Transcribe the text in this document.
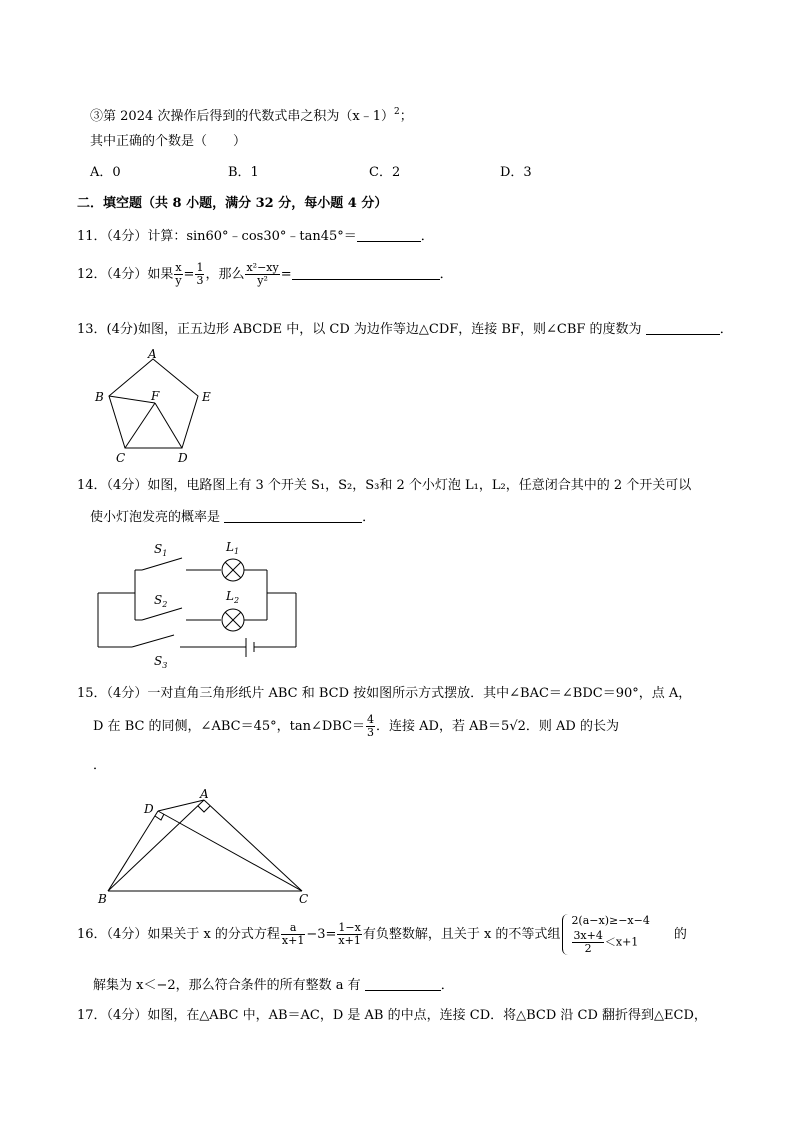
③第 2024 次操作后得到的代数式串之积为（x﹣1）$^2$；
其中正确的个数是（　　）
A．0	B．1	C．2	D．3
二．填空题（共 8 小题，满分 32 分，每小题 4 分）
11．（4分）计算：sin60°﹣cos30°﹣tan45°＝	．
12．（4分）如果 $\frac{x}{y} = \frac{1}{3}$ ，那么 $\frac{\text{x²−xy}}{\text{y²}}$ =	．
13．(4分)如图，正五边形 ABCDE 中，以 CD 为边作等边△CDF，连接 BF，则∠CBF 的度数为	．
A
B
C	D
E
F
14．（4分）如图，电路图上有 3 个开关 S₁，S₂，S₃和 2 个小灯泡 L₁，L₂，任意闭合其中的 2 个开关可以
使小灯泡发亮的概率是	．
$S_1$	$L_1$
$S_2$
$L_2$
$S_3$
15．（4分）一对直角三角形纸片 ABC 和 BCD 按如图所示方式摆放．其中∠BAC＝∠BDC＝90°，点 A，
D 在 BC 的同侧，∠ABC＝45°，tan∠DBC＝ $\frac{4}{3}$ ．连接 AD，若 AB＝5√2．则 AD 的长为
．
A
D
B	C
16．（4分）如果关于 x 的分式方程 $\frac{a}{x+1} -3= \frac{1-x}{x+1}$ 有负整数解，且关于 x 的不等式组
2(a−x)≥−x−4
$\frac{3x+4}{2} <x+1$	的
解集为 x＜−2，那么符合条件的所有整数 a 有	．
17．（4分）如图，在△ABC 中，AB＝AC，D 是 AB 的中点，连接 CD．将△BCD 沿 CD 翻折得到△ECD，
